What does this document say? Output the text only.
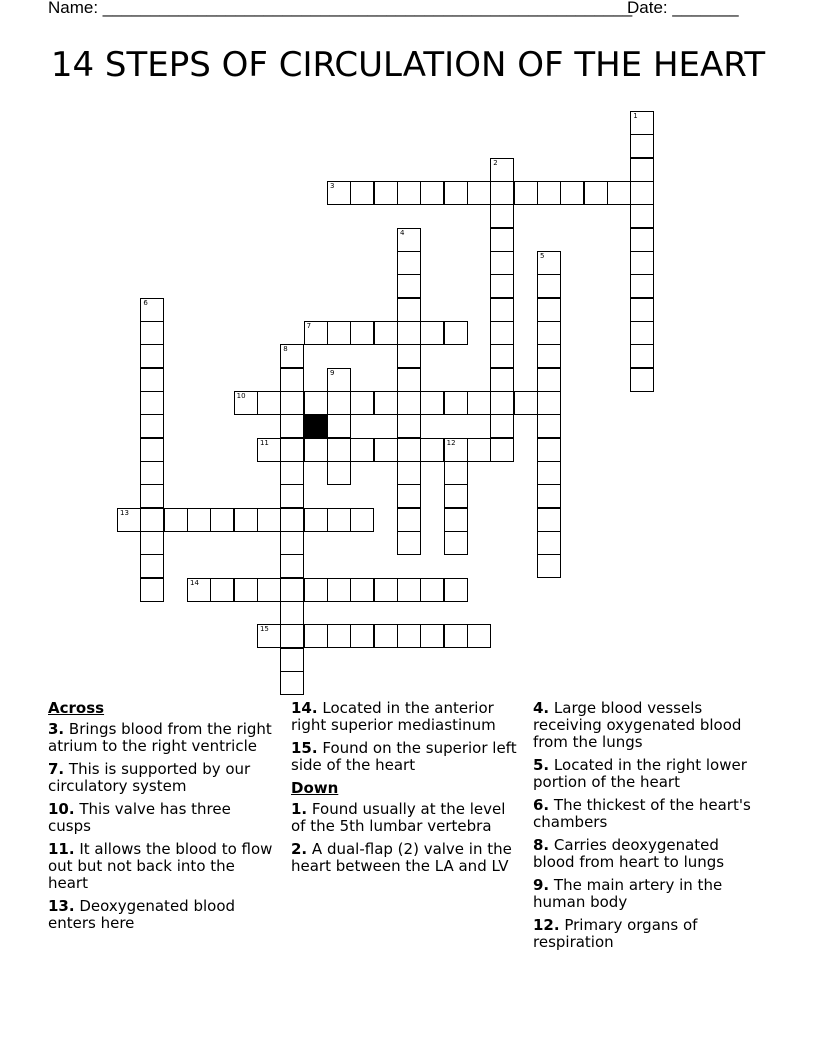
Name: ________________________________________________________
Date: _______
14 STEPS OF CIRCULATION OF THE HEART
1
2
3
4
5
6
7
8
9
10
11	12
13
14
15
Across
3. Brings blood from the right atrium to the right ventricle
7. This is supported by our circulatory system
10. This valve has three cusps
11. It allows the blood to flow out but not back into the heart
13. Deoxygenated blood enters here
14. Located in the anterior right superior mediastinum
15. Found on the superior left side of the heart
Down
1. Found usually at the level of the 5th lumbar vertebra
2. A dual-flap (2) valve in the heart between the LA and LV
4. Large blood vessels receiving oxygenated blood from the lungs
5. Located in the right lower portion of the heart
6. The thickest of the heart's chambers
8. Carries deoxygenated blood from heart to lungs
9. The main artery in the human body
12. Primary organs of respiration
